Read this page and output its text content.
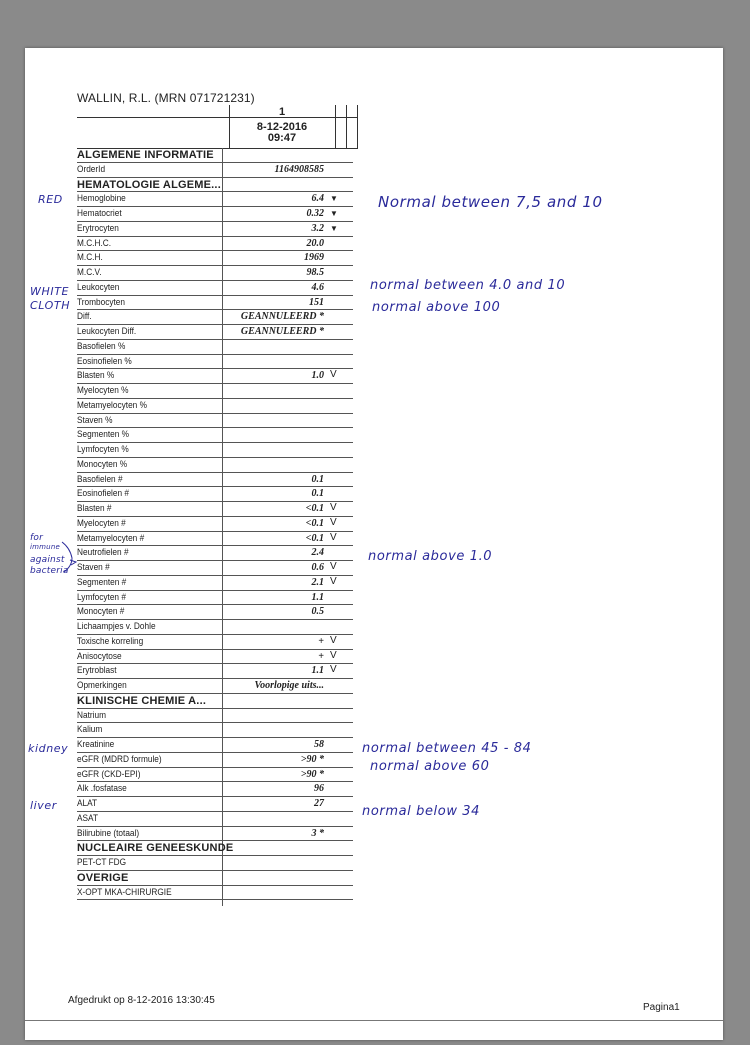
WALLIN, R.L. (MRN 071721231)
1
8-12-2016
09:47
ALGEMENE INFORMATIE
OrderId	1164908585
HEMATOLOGIE ALGEME...
Hemoglobine	6.4 ▼
Hematocriet	0.32 ▼
Erytrocyten	3.2 ▼
M.C.H.C.	20.0
M.C.H.	1969
M.C.V.	98.5
Leukocyten	4.6
Trombocyten	151
Diff.	GEANNULEERD *
Leukocyten Diff.	GEANNULEERD *
Basofielen %
Eosinofielen %
Blasten %	1.0 V
Myelocyten %
Metamyelocyten %
Staven %
Segmenten %
Lymfocyten %
Monocyten %
Basofielen #	0.1
Eosinofielen #	0.1
Blasten #	<0.1 V
Myelocyten #	<0.1 V
Metamyelocyten #	<0.1 V
Neutrofielen #	2.4
Staven #	0.6 V
Segmenten #	2.1 V
Lymfocyten #	1.1
Monocyten #	0.5
Lichaampjes v. Dohle
Toxische korreling	+ V
Anisocytose	+ V
Erytroblast	1.1 V
Opmerkingen	Voorlopige uits...
KLINISCHE CHEMIE A...
Natrium
Kalium
Kreatinine	58
eGFR (MDRD formule)	>90 *
eGFR (CKD-EPI)	>90 *
Alk .fosfatase	96
ALAT	27
ASAT
Bilirubine (totaal)	3 *
NUCLEAIRE GENEESKUNDE
PET-CT FDG
OVERIGE
X-OPT MKA-CHIRURGIE
RED
WHITE
CLOTH
Normal between 7,5 and 10
normal between 4.0 and 10
normal above 100
for
immune
against
bacteria
normal above 1.0
kidney	normal between 45 - 84
normal above 60
liver	normal below 34
Afgedrukt op 8-12-2016 13:30:45
Pagina1
